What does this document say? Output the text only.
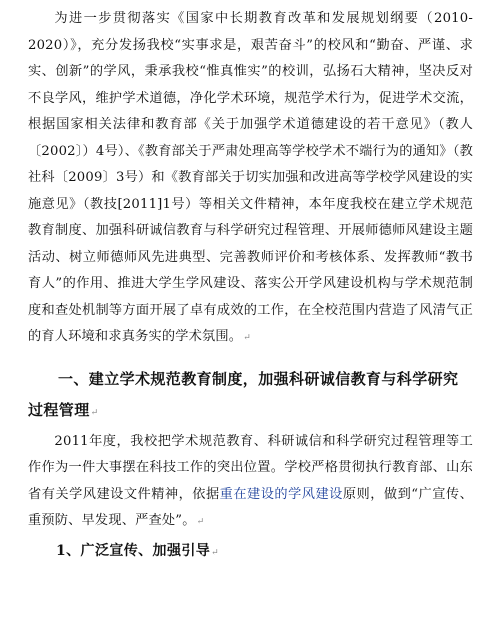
为进一步贯彻落实《国家中长期教育改革和发展规划纲要（2010-2020）》，充分发扬我校“实事求是，艰苦奋斗”的校风和“勤奋、严谨、求实、创新”的学风，秉承我校“惟真惟实”的校训，弘扬石大精神，坚决反对不良学风，维护学术道德，净化学术环境，规范学术行为，促进学术交流，根据国家相关法律和教育部《关于加强学术道德建设的若干意见》（教人〔2002〕）4号）、《教育部关于严肃处理高等学校学术不端行为的通知》（教社科〔2009〕3号）和《教育部关于切实加强和改进高等学校学风建设的实施意见》（教技[2011]1号）等相关文件精神，本年度我校在建立学术规范教育制度、加强科研诚信教育与科学研究过程管理、开展师德师风建设主题活动、树立师德师风先进典型、完善教师评价和考核体系、发挥教师“教书育人”的作用、推进大学生学风建设、落实公开学风建设机构与学术规范制度和查处机制等方面开展了卓有成效的工作，在全校范围内营造了风清气正的育人环境和求真务实的学术氛围。↵

一、建立学术规范教育制度，加强科研诚信教育与科学研究过程管理↵

2011年度，我校把学术规范教育、科研诚信和科学研究过程管理等工作作为一件大事摆在科技工作的突出位置。学校严格贯彻执行教育部、山东省有关学风建设文件精神，依据重在建设的学风建设原则，做到“广宣传、重预防、早发现、严查处”。↵

1、广泛宣传、加强引导↵
